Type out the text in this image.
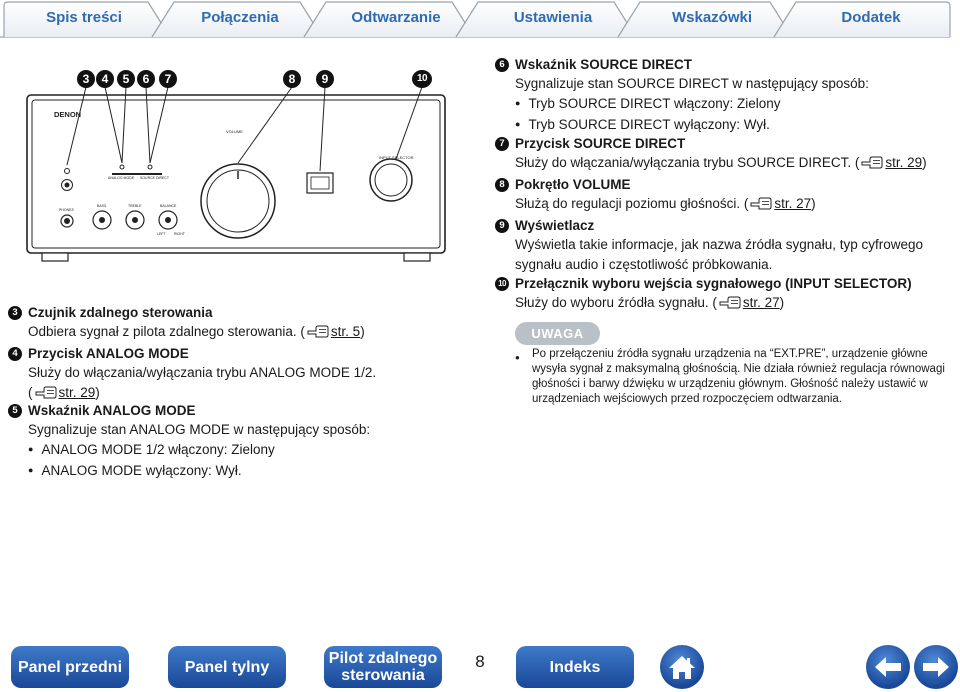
Spis treści	Połączenia	Odtwarzanie	Ustawienia	Wskazówki	Dodatek
DENON
VOLUME
INPUT SELECTOR
ANALOG MODE SOURCE DIRECT
PHONES
BASS	TREBLE	BALANCE
LEFT RIGHT
3	4	5	6	7	8	9	10
3 Czujnik zdalnego sterowania
Odbiera sygnał z pilota zdalnego sterowania. ( str. 5)
4 Przycisk ANALOG MODE
Służy do włączania/wyłączania trybu ANALOG MODE 1/2.
( str. 29)
5 Wskaźnik ANALOG MODE
Sygnalizuje stan ANALOG MODE w następujący sposób:
● ANALOG MODE 1/2 włączony: Zielony
● ANALOG MODE wyłączony: Wył.
6 Wskaźnik SOURCE DIRECT
Sygnalizuje stan SOURCE DIRECT w następujący sposób:
● Tryb SOURCE DIRECT włączony: Zielony
● Tryb SOURCE DIRECT wyłączony: Wył.
7 Przycisk SOURCE DIRECT
Służy do włączania/wyłączania trybu SOURCE DIRECT. ( str. 29)
8 Pokrętło VOLUME
Służą do regulacji poziomu głośności. ( str. 27)
9 Wyświetlacz
Wyświetla takie informacje, jak nazwa źródła sygnału, typ cyfrowego sygnału audio i częstotliwość próbkowania.
10 Przełącznik wyboru wejścia sygnałowego (INPUT SELECTOR)
Służy do wyboru źródła sygnału. ( str. 27)
UWAGA
● Po przełączeniu źródła sygnału urządzenia na “EXT.PRE”, urządzenie główne wysyła sygnał z maksymalną głośnością. Nie działa również regulacja równowagi głośności i barwy dźwięku w urządzeniu głównym. Głośność należy ustawić w urządzeniach wejściowych przed rozpoczęciem odtwarzania.
Panel przedni	Panel tylny	Pilot zdalnego
sterowania
8	Indeks
